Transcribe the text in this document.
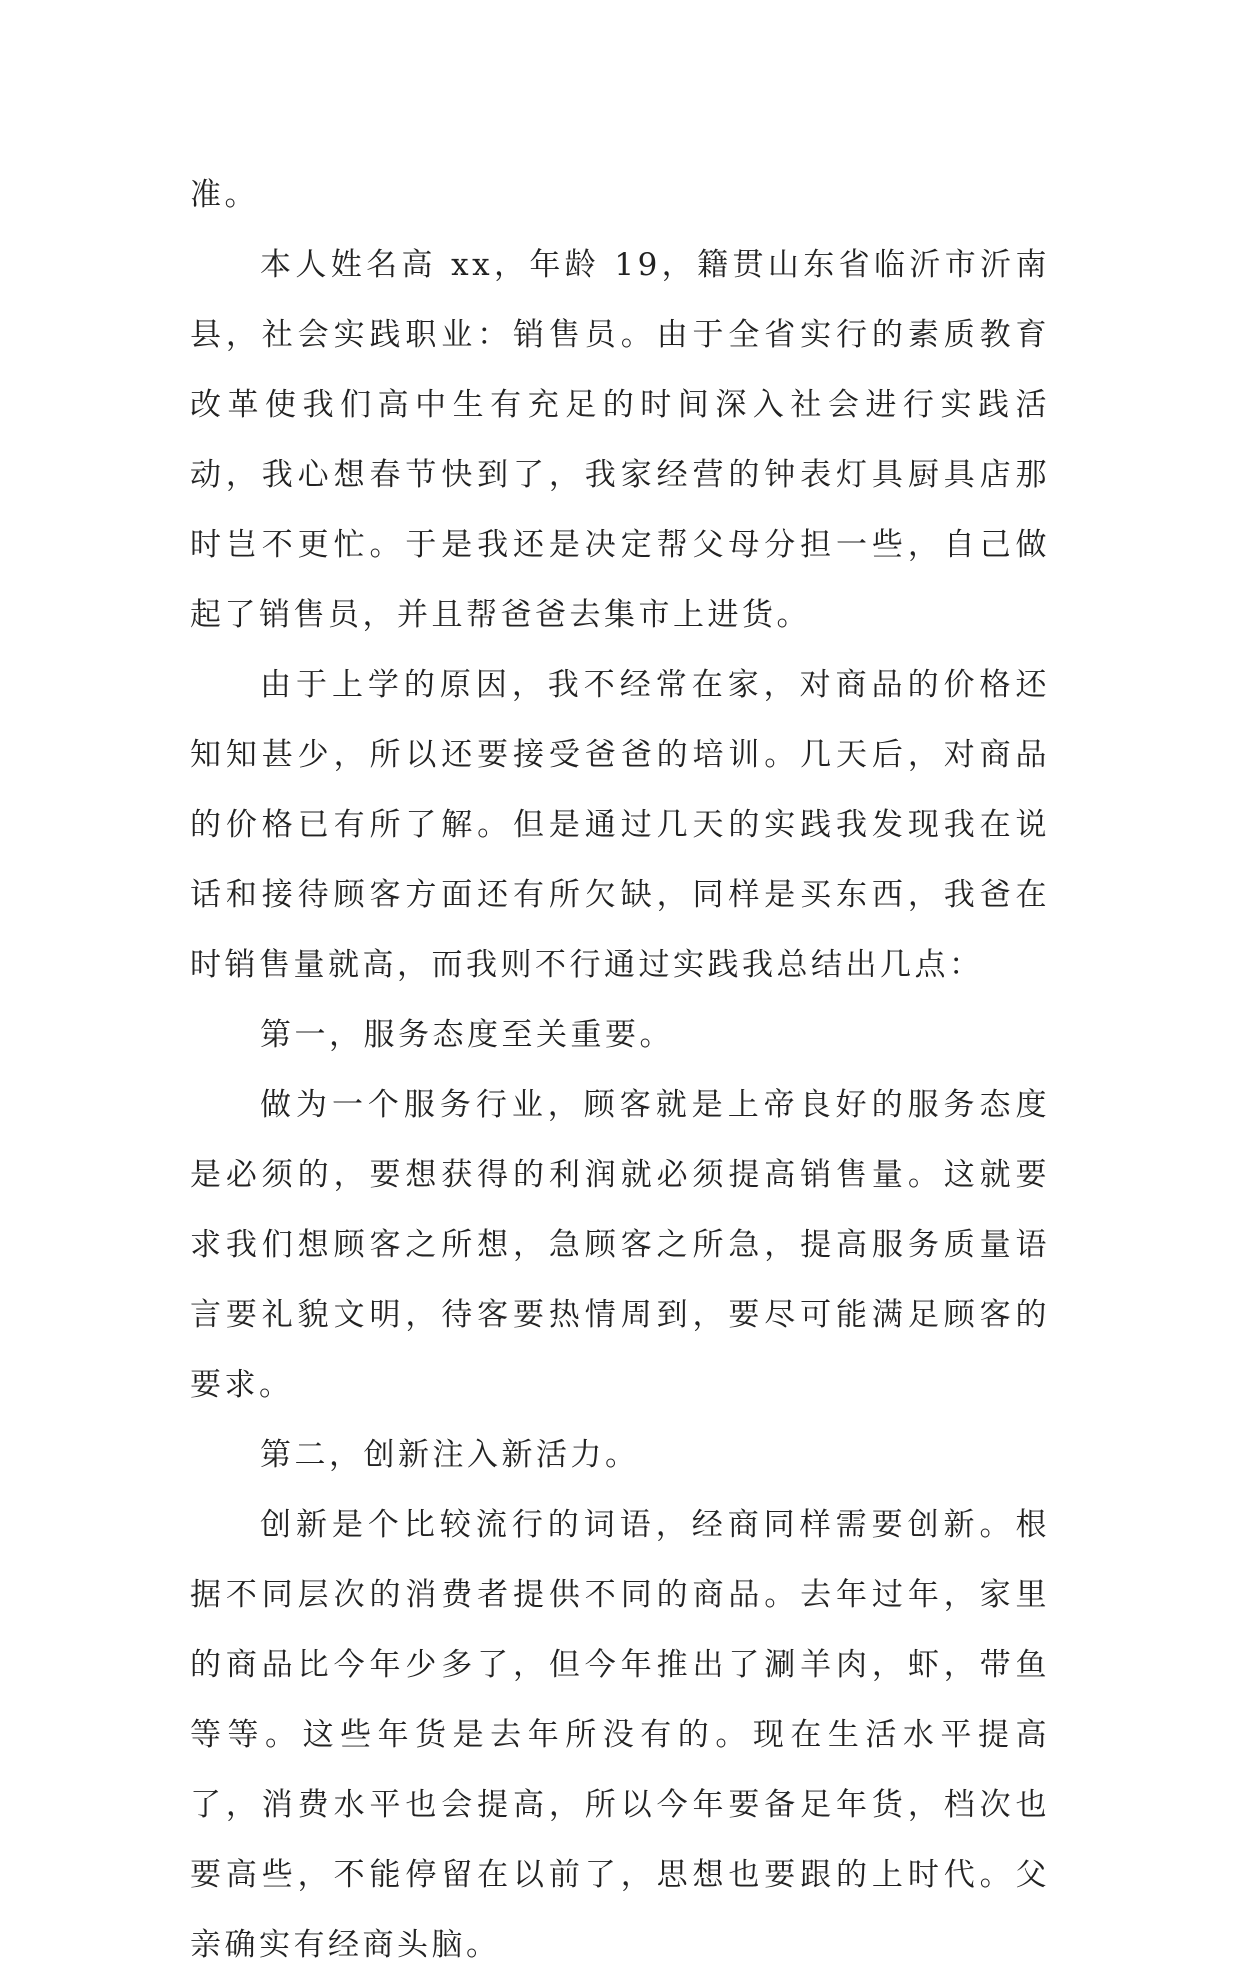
准。

本人姓名高 xx，年龄 19，籍贯山东省临沂市沂南县，社会实践职业：销售员。由于全省实行的素质教育改革使我们高中生有充足的时间深入社会进行实践活动，我心想春节快到了，我家经营的钟表灯具厨具店那时岂不更忙。于是我还是决定帮父母分担一些，自己做起了销售员，并且帮爸爸去集市上进货。

由于上学的原因，我不经常在家，对商品的价格还知知甚少，所以还要接受爸爸的培训。几天后，对商品的价格已有所了解。但是通过几天的实践我发现我在说话和接待顾客方面还有所欠缺，同样是买东西，我爸在时销售量就高，而我则不行通过实践我总结出几点：

第一，服务态度至关重要。

做为一个服务行业，顾客就是上帝良好的服务态度是必须的，要想获得的利润就必须提高销售量。这就要求我们想顾客之所想，急顾客之所急，提高服务质量语言要礼貌文明，待客要热情周到，要尽可能满足顾客的要求。

第二，创新注入新活力。

创新是个比较流行的词语，经商同样需要创新。根据不同层次的消费者提供不同的商品。去年过年，家里的商品比今年少多了，但今年推出了涮羊肉，虾，带鱼等等。这些年货是去年所没有的。现在生活水平提高了，消费水平也会提高，所以今年要备足年货，档次也要高些，不能停留在以前了，思想也要跟的上时代。父亲确实有经商头脑。
